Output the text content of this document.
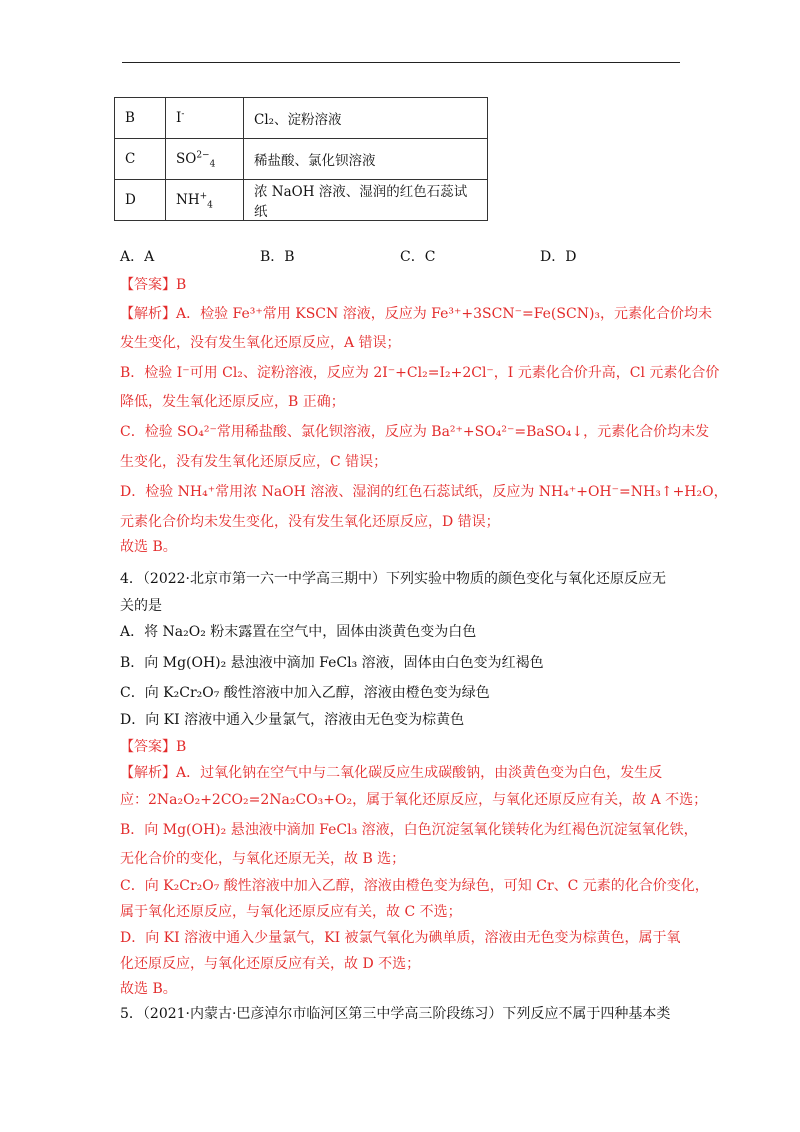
B	I-	Cl₂、淀粉溶液
C	$SO^{2-}_4$	稀盐酸、氯化钡溶液
D	$NH^+_4$	浓 NaOH 溶液、湿润的红色石蕊试纸
A．A	B．B	C．C	D．D
【答案】B
【解析】A．检验 Fe³⁺常用 KSCN 溶液，反应为 Fe³⁺+3SCN⁻=Fe(SCN)₃，元素化合价均未
发生变化，没有发生氧化还原反应，A 错误；
B．检验 I⁻可用 Cl₂、淀粉溶液，反应为 2I⁻+Cl₂=I₂+2Cl⁻，I 元素化合价升高，Cl 元素化合价
降低，发生氧化还原反应，B 正确；
C．检验 SO₄²⁻常用稀盐酸、氯化钡溶液，反应为 Ba²⁺+SO₄²⁻=BaSO₄↓，元素化合价均未发
生变化，没有发生氧化还原反应，C 错误；
D．检验 NH₄⁺常用浓 NaOH 溶液、湿润的红色石蕊试纸，反应为 NH₄⁺+OH⁻=NH₃↑+H₂O，
元素化合价均未发生变化，没有发生氧化还原反应，D 错误；
故选 B。
4．（2022·北京市第一六一中学高三期中）下列实验中物质的颜色变化与氧化还原反应无
关的是
A．将 Na₂O₂ 粉末露置在空气中，固体由淡黄色变为白色
B．向 Mg(OH)₂ 悬浊液中滴加 FeCl₃ 溶液，固体由白色变为红褐色
C．向 K₂Cr₂O₇ 酸性溶液中加入乙醇，溶液由橙色变为绿色
D．向 KI 溶液中通入少量氯气，溶液由无色变为棕黄色
【答案】B
【解析】A．过氧化钠在空气中与二氧化碳反应生成碳酸钠，由淡黄色变为白色，发生反
应：2Na₂O₂+2CO₂=2Na₂CO₃+O₂，属于氧化还原反应，与氧化还原反应有关，故 A 不选；
B．向 Mg(OH)₂ 悬浊液中滴加 FeCl₃ 溶液，白色沉淀氢氧化镁转化为红褐色沉淀氢氧化铁，
无化合价的变化，与氧化还原无关，故 B 选；
C．向 K₂Cr₂O₇ 酸性溶液中加入乙醇，溶液由橙色变为绿色，可知 Cr、C 元素的化合价变化，
属于氧化还原反应，与氧化还原反应有关，故 C 不选；
D．向 KI 溶液中通入少量氯气，KI 被氯气氧化为碘单质，溶液由无色变为棕黄色，属于氧
化还原反应，与氧化还原反应有关，故 D 不选；
故选 B。
5．（2021·内蒙古·巴彦淖尔市临河区第三中学高三阶段练习）下列反应不属于四种基本类
